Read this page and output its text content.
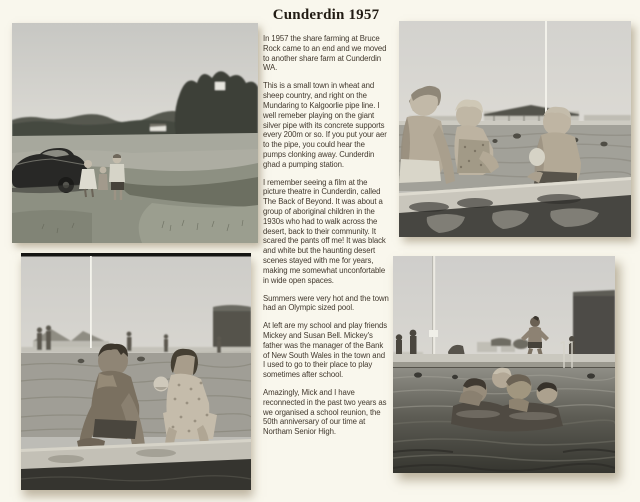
Cunderdin 1957

In 1957 the share farming at Bruce Rock came to an end and we moved to another share farm at Cunderdin WA.

This is a small town in wheat and sheep country, and right on the Mundaring to Kalgoorlie pipe line. I well remeber playing on the giant silver pipe with its concrete supports every 200m or so. If you put your aer to the pipe, you could hear the pumps clonking away. Cunderdin ghad a pumping station.

I remember seeing a film at the picture theatre in Cunderdin, called The Back of Beyond. It was about a group of aboriginal children in the 1930s who had to walk across the desert, back to their community. It scared the pants off me! It was black and white but the haunting desert scenes stayed with me for years, making me somewhat unconfortable in wide open spaces.

Summers were very hot and the town had an Olympic sized pool.

At left are my school and play friends Mickey and Susan Bell. Mickey's father was the manager of the Bank of New South Wales in the town and I used to go to their place to play sometimes after school.

Amazingly, Mick and I have reconnected in the past two years as we organised a school reunion, the 50th anniversary of our time at Northam Senior High.
